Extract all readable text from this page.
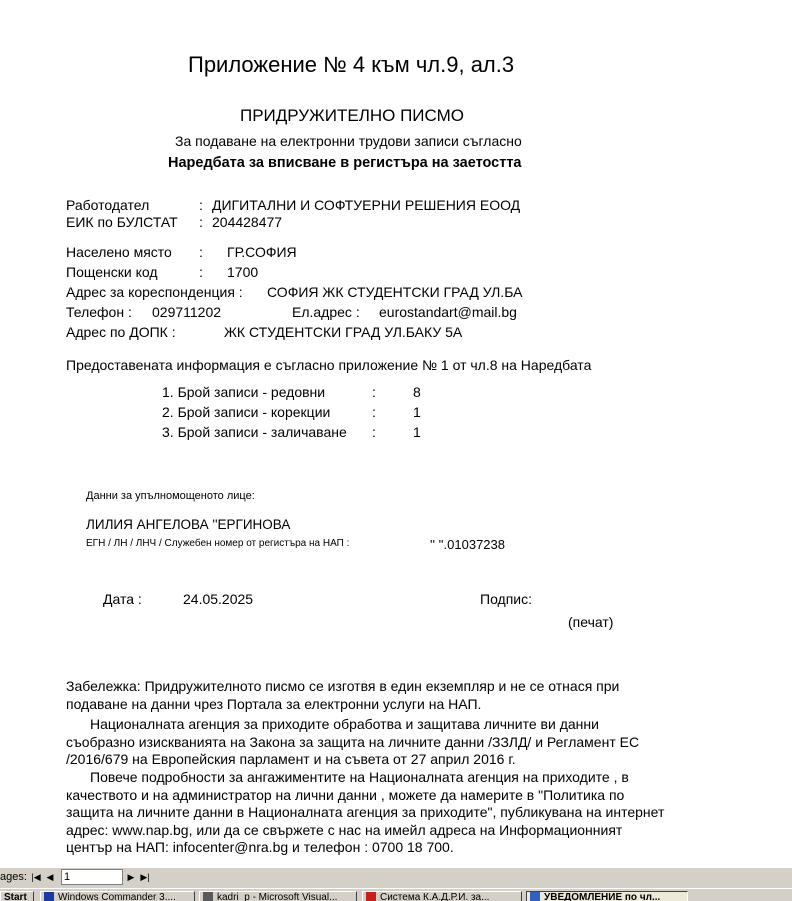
Приложение № 4 към чл.9, ал.3
ПРИДРУЖИТЕЛНО ПИСМО
За подаване на електронни трудови записи съгласно
Наредбата за вписване в регистъра на заетостта
Работодател	: ДИГИТАЛНИ И СОФТУЕРНИ РЕШЕНИЯ ЕООД
ЕИК по БУЛСТАТ : 204428477
Населено място : ГР.СОФИЯ
Пощенски код	: 1700
Адрес за кореспонденция : СОФИЯ ЖК СТУДЕНТСКИ ГРАД УЛ.БА
Телефон : 029711202	Ел.адрес : eurostandart@mail.bg
Адрес по ДОПК :	ЖК СТУДЕНТСКИ ГРАД УЛ.БАКУ 5А
Предоставената информация е съгласно приложение № 1 от чл.8 на Наредбата
1. Брой записи - редовни	:	8
2. Брой записи - корекции	:	1
3. Брой записи - заличаване :	1
Данни за упълномощеното лице:
ЛИЛИЯ АНГЕЛОВА ''ЕРГИНОВА
ЕГН / ЛН / ЛНЧ / Служебен номер от регистъра на НАП :	'' ''.01037238
Дата :	24.05.2025	Подпис:
(печат)
Забележка: Придружителното писмо се изготвя в един екземпляр и не се отнася при подаване на данни чрез Портала за електронни услуги на НАП.
Националната агенция за приходите обработва и защитава личните ви данни съобразно изискванията на Закона за защита на личните данни /ЗЗЛД/ и Регламент ЕС /2016/679 на Европейския парламент и на съвета от 27 април 2016 г.
Повече подробности за ангажиментите на Националната агенция на приходите , в качеството и на администратор на лични данни , можете да намерите в "Политика по защита на личните данни в Националната агенция за приходите", публикувана на интернет адрес: www.nap.bg, или да се свържете с нас на имейл адреса на Информационният център на НАП: infocenter@nra.bg и телефон : 0700 18 700.
ages: |◀ ◀ 1	▶ ▶|
Start	Windows Commander 3....	kadri_p - Microsoft Visual...	Система К.А.Д.Р.И. за...	УВЕДОМЛЕНИЕ по чл...
